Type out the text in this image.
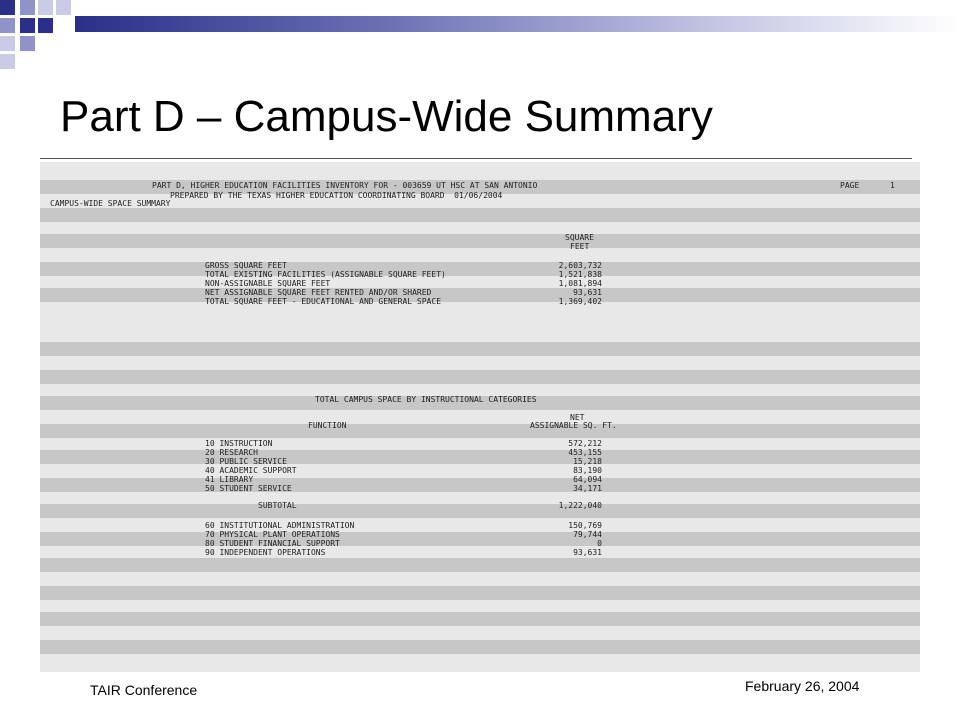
Part D – Campus-Wide Summary
PART D, HIGHER EDUCATION FACILITIES INVENTORY FOR - 003659 UT HSC AT SAN ANTONIO	PAGE	1
PREPARED BY THE TEXAS HIGHER EDUCATION COORDINATING BOARD  01/06/2004
CAMPUS-WIDE SPACE SUMMARY
SQUARE
FEET
GROSS SQUARE FEET	2,603,732
TOTAL EXISTING FACILITIES (ASSIGNABLE SQUARE FEET)	1,521,838
NON-ASSIGNABLE SQUARE FEET	1,081,894
NET ASSIGNABLE SQUARE FEET RENTED AND/OR SHARED	93,631
TOTAL SQUARE FEET - EDUCATIONAL AND GENERAL SPACE	1,369,402
TOTAL CAMPUS SPACE BY INSTRUCTIONAL CATEGORIES
NET
FUNCTION	ASSIGNABLE SQ. FT.
10 INSTRUCTION	572,212
20 RESEARCH	453,155
30 PUBLIC SERVICE	15,218
40 ACADEMIC SUPPORT	83,190
41 LIBRARY	64,094
50 STUDENT SERVICE	34,171
SUBTOTAL	1,222,040
60 INSTITUTIONAL ADMINISTRATION	150,769
70 PHYSICAL PLANT OPERATIONS	79,744
80 STUDENT FINANCIAL SUPPORT	0
90 INDEPENDENT OPERATIONS	93,631
TAIR Conference	February 26, 2004
